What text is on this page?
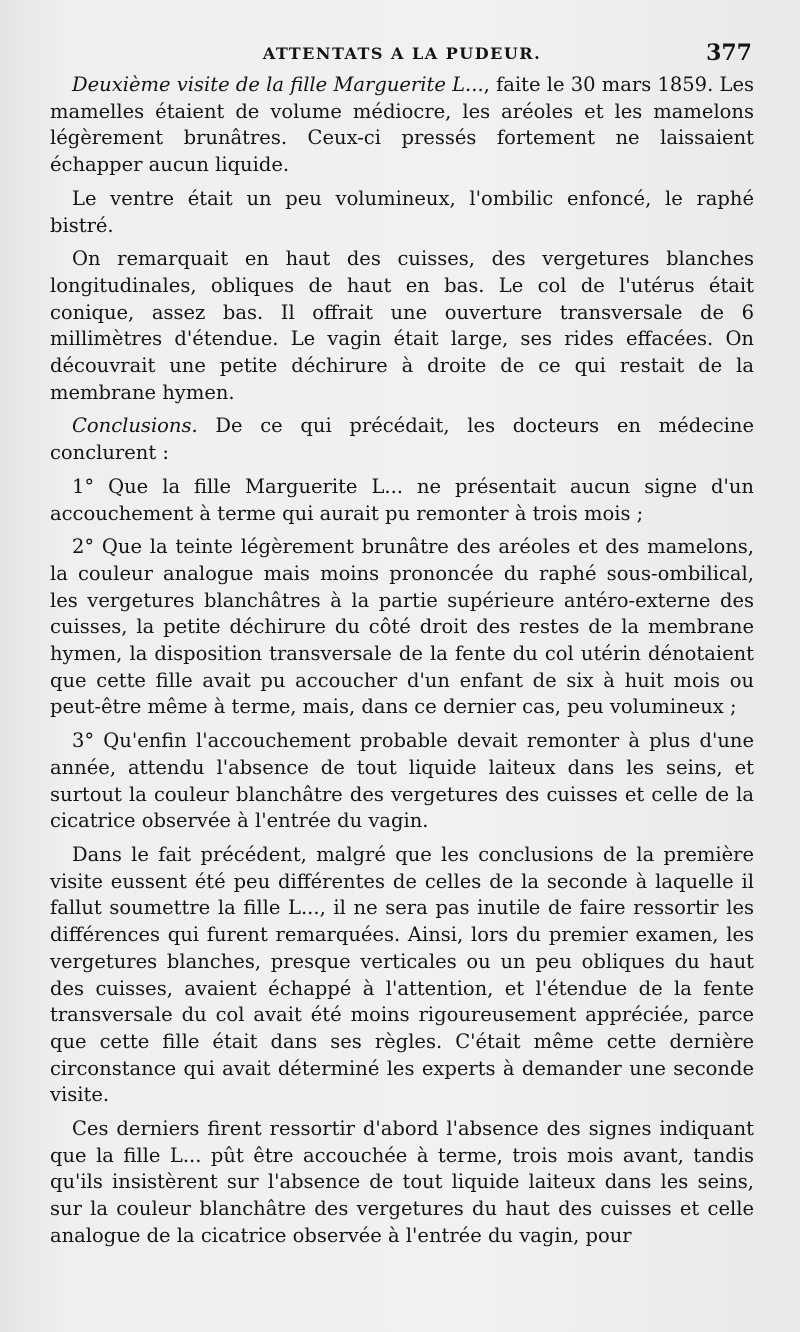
ATTENTATS A LA PUDEUR.	377

Deuxième visite de la fille Marguerite L..., faite le 30 mars 1859. Les mamelles étaient de volume médiocre, les aréoles et les mamelons légèrement brunâtres. Ceux-ci pressés fortement ne laissaient échapper aucun liquide.

Le ventre était un peu volumineux, l'ombilic enfoncé, le raphé bistré.

On remarquait en haut des cuisses, des vergetures blanches longitudinales, obliques de haut en bas. Le col de l'utérus était conique, assez bas. Il offrait une ouverture transversale de 6 millimètres d'étendue. Le vagin était large, ses rides effacées. On découvrait une petite déchirure à droite de ce qui restait de la membrane hymen.

Conclusions. De ce qui précédait, les docteurs en médecine conclurent :

1° Que la fille Marguerite L... ne présentait aucun signe d'un accouchement à terme qui aurait pu remonter à trois mois ;

2° Que la teinte légèrement brunâtre des aréoles et des mamelons, la couleur analogue mais moins prononcée du raphé sous-ombilical, les vergetures blanchâtres à la partie supérieure antéro-externe des cuisses, la petite déchirure du côté droit des restes de la membrane hymen, la disposition transversale de la fente du col utérin dénotaient que cette fille avait pu accoucher d'un enfant de six à huit mois ou peut-être même à terme, mais, dans ce dernier cas, peu volumineux ;

3° Qu'enfin l'accouchement probable devait remonter à plus d'une année, attendu l'absence de tout liquide laiteux dans les seins, et surtout la couleur blanchâtre des vergetures des cuisses et celle de la cicatrice observée à l'entrée du vagin.

Dans le fait précédent, malgré que les conclusions de la première visite eussent été peu différentes de celles de la seconde à laquelle il fallut soumettre la fille L..., il ne sera pas inutile de faire ressortir les différences qui furent remarquées. Ainsi, lors du premier examen, les vergetures blanches, presque verticales ou un peu obliques du haut des cuisses, avaient échappé à l'attention, et l'étendue de la fente transversale du col avait été moins rigoureusement appréciée, parce que cette fille était dans ses règles. C'était même cette dernière circonstance qui avait déterminé les experts à demander une seconde visite.

Ces derniers firent ressortir d'abord l'absence des signes indiquant que la fille L... pût être accouchée à terme, trois mois avant, tandis qu'ils insistèrent sur l'absence de tout liquide laiteux dans les seins, sur la couleur blanchâtre des vergetures du haut des cuisses et celle analogue de la cicatrice observée à l'entrée du vagin, pour
